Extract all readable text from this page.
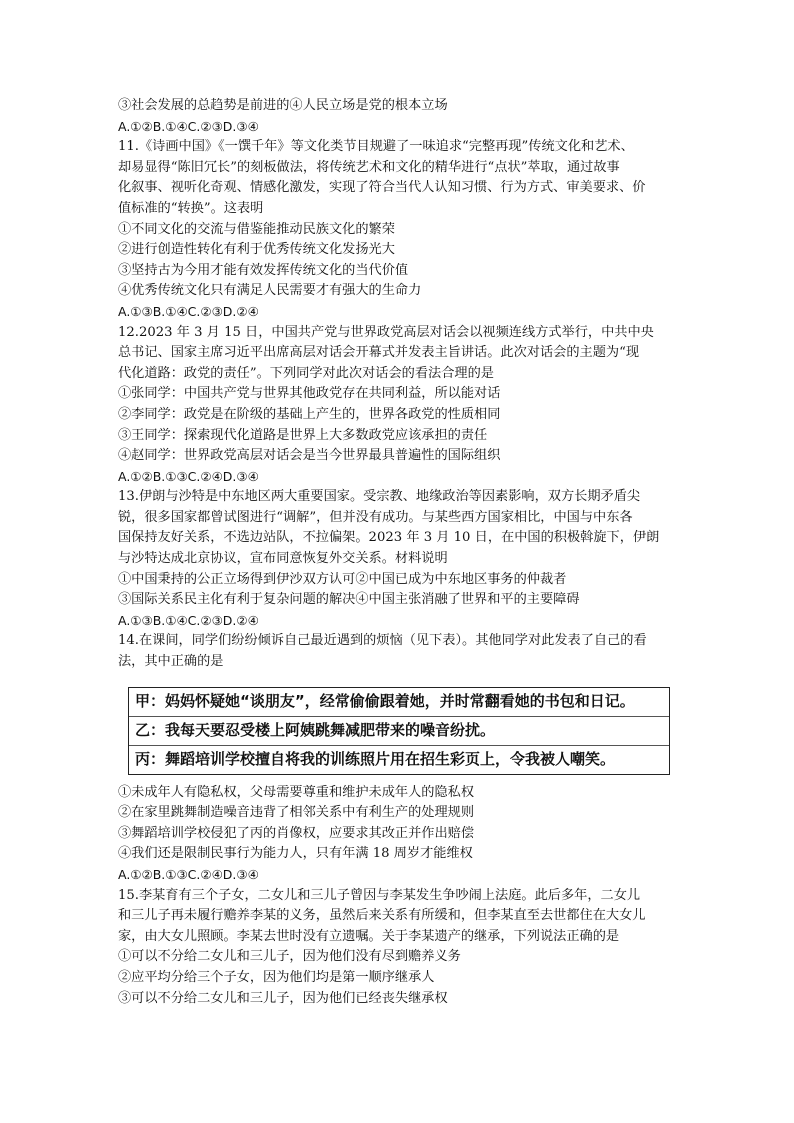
③社会发展的总趋势是前进的④人民立场是党的根本立场
A.①②B.①④C.②③D.③④
11.《诗画中国》《一馔千年》等文化类节目规避了一味追求“完整再现”传统文化和艺术、
却易显得“陈旧冗长”的刻板做法，将传统艺术和文化的精华进行“点状”萃取，通过故事
化叙事、视听化奇观、情感化激发，实现了符合当代人认知习惯、行为方式、审美要求、价
值标准的“转换”。这表明
①不同文化的交流与借鉴能推动民族文化的繁荣
②进行创造性转化有利于优秀传统文化发扬光大
③坚持古为今用才能有效发挥传统文化的当代价值
④优秀传统文化只有满足人民需要才有强大的生命力
A.①③B.①④C.②③D.②④
12.2023 年 3 月 15 日，中国共产党与世界政党高层对话会以视频连线方式举行，中共中央
总书记、国家主席习近平出席高层对话会开幕式并发表主旨讲话。此次对话会的主题为“现
代化道路：政党的责任”。下列同学对此次对话会的看法合理的是
①张同学：中国共产党与世界其他政党存在共同利益，所以能对话
②李同学：政党是在阶级的基础上产生的，世界各政党的性质相同
③王同学：探索现代化道路是世界上大多数政党应该承担的责任
④赵同学：世界政党高层对话会是当今世界最具普遍性的国际组织
A.①②B.①③C.②④D.③④
13.伊朗与沙特是中东地区两大重要国家。受宗教、地缘政治等因素影响，双方长期矛盾尖
锐，很多国家都曾试图进行“调解”，但并没有成功。与某些西方国家相比，中国与中东各
国保持友好关系，不选边站队，不拉偏架。2023 年 3 月 10 日，在中国的积极斡旋下，伊朗
与沙特达成北京协议，宣布同意恢复外交关系。材料说明
①中国秉持的公正立场得到伊沙双方认可②中国已成为中东地区事务的仲裁者
③国际关系民主化有利于复杂问题的解决④中国主张消融了世界和平的主要障碍
A.①③B.①④C.②③D.②④
14.在课间，同学们纷纷倾诉自己最近遇到的烦恼（见下表）。其他同学对此发表了自己的看
法，其中正确的是
甲：妈妈怀疑她“谈朋友”，经常偷偷跟着她，并时常翻看她的书包和日记。
乙：我每天要忍受楼上阿姨跳舞减肥带来的噪音纷扰。
丙：舞蹈培训学校擅自将我的训练照片用在招生彩页上，令我被人嘲笑。
①未成年人有隐私权，父母需要尊重和维护未成年人的隐私权
②在家里跳舞制造噪音违背了相邻关系中有利生产的处理规则
③舞蹈培训学校侵犯了丙的肖像权，应要求其改正并作出赔偿
④我们还是限制民事行为能力人，只有年满 18 周岁才能维权
A.①②B.①③C.②④D.③④
15.李某育有三个子女，二女儿和三儿子曾因与李某发生争吵闹上法庭。此后多年，二女儿
和三儿子再未履行赡养李某的义务，虽然后来关系有所缓和，但李某直至去世都住在大女儿
家，由大女儿照顾。李某去世时没有立遗嘱。关于李某遗产的继承，下列说法正确的是
①可以不分给二女儿和三儿子，因为他们没有尽到赡养义务
②应平均分给三个子女，因为他们均是第一顺序继承人
③可以不分给二女儿和三儿子，因为他们已经丧失继承权
